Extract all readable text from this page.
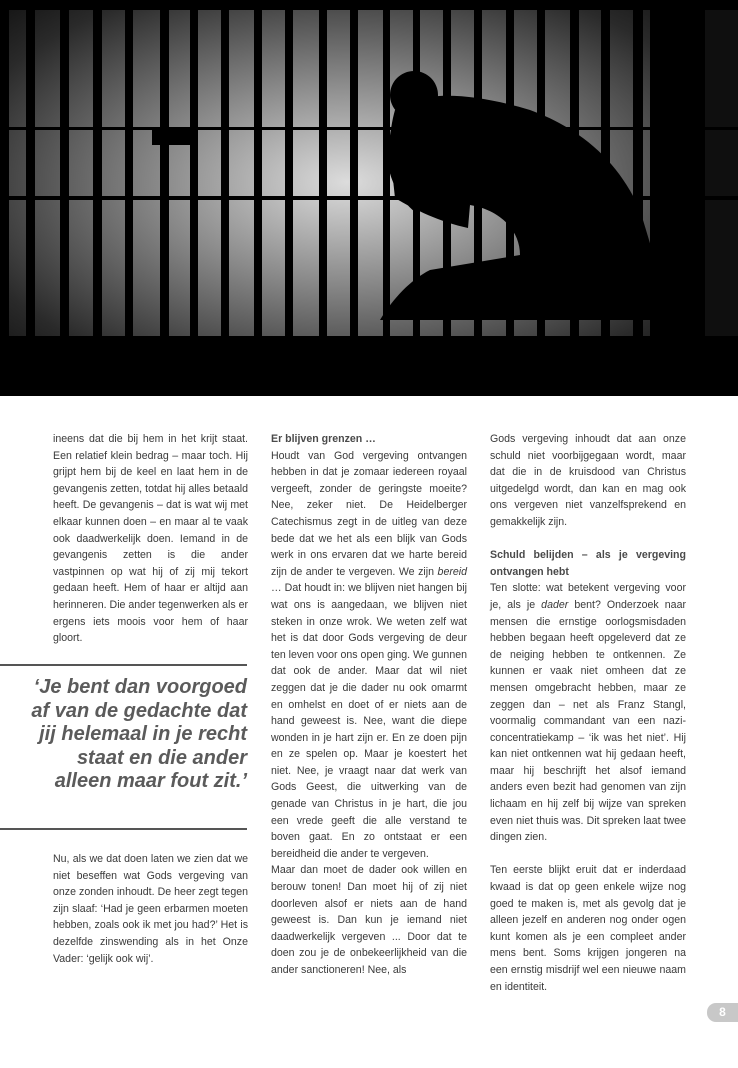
ineens dat die bij hem in het krijt staat. Een relatief klein bedrag – maar toch. Hij grijpt hem bij de keel en laat hem in de gevangenis zetten, totdat hij alles betaald heeft. De gevangenis – dat is wat wij met elkaar kunnen doen – en maar al te vaak ook daadwerkelijk doen. Iemand in de gevangenis zetten is die ander vastpinnen op wat hij of zij mij tekort gedaan heeft. Hem of haar er altijd aan herinneren. Die ander tegenwerken als er ergens iets moois voor hem of haar gloort.

‘Je bent dan voorgoed af van de gedachte dat jij helemaal in je recht staat en die ander alleen maar fout zit.’

Nu, als we dat doen laten we zien dat we niet beseffen wat Gods vergeving van onze zonden inhoudt. De heer zegt tegen zijn slaaf: ‘Had je geen erbarmen moeten hebben, zoals ook ik met jou had?’ Het is dezelfde zinswending als in het Onze Vader: ‘gelijk ook wij’.

Er blijven grenzen …

Houdt van God vergeving ontvangen hebben in dat je zomaar iedereen royaal vergeeft, zonder de geringste moeite? Nee, zeker niet. De Heidelberger Catechismus zegt in de uitleg van deze bede dat we het als een blijk van Gods werk in ons ervaren dat we harte bereid zijn de ander te vergeven. We zijn bereid … Dat houdt in: we blijven niet hangen bij wat ons is aangedaan, we blijven niet steken in onze wrok. We weten zelf wat het is dat door Gods vergeving de deur ten leven voor ons open ging. We gunnen dat ook de ander. Maar dat wil niet zeggen dat je die dader nu ook omarmt en omhelst en doet of er niets aan de hand geweest is. Nee, want die diepe wonden in je hart zijn er. En ze doen pijn en ze spelen op. Maar je koestert het niet. Nee, je vraagt naar dat werk van Gods Geest, die uitwerking van de genade van Christus in je hart, die jou een vrede geeft die alle verstand te boven gaat. En zo ontstaat er een bereidheid die ander te vergeven.

Maar dan moet de dader ook willen en berouw tonen! Dan moet hij of zij niet doorleven alsof er niets aan de hand geweest is. Dan kun je iemand niet daadwerkelijk vergeven ... Door dat te doen zou je de onbekeerlijkheid van die ander sanctioneren! Nee, als

Gods vergeving inhoudt dat aan onze schuld niet voorbijgegaan wordt, maar dat die in de kruisdood van Christus uitgedelgd wordt, dan kan en mag ook ons vergeven niet vanzelfsprekend en gemakkelijk zijn.

Schuld belijden – als je vergeving ontvangen hebt

Ten slotte: wat betekent vergeving voor je, als je dader bent? Onderzoek naar mensen die ernstige oorlogsmisdaden hebben begaan heeft opgeleverd dat ze de neiging hebben te ontkennen. Ze kunnen er vaak niet omheen dat ze mensen omgebracht hebben, maar ze zeggen dan – net als Franz Stangl, voormalig commandant van een nazi-concentratiekamp – ‘ik was het niet’. Hij kan niet ontkennen wat hij gedaan heeft, maar hij beschrijft het alsof iemand anders even bezit had genomen van zijn lichaam en hij zelf bij wijze van spreken even niet thuis was. Dit spreken laat twee dingen zien.

Ten eerste blijkt eruit dat er inderdaad kwaad is dat op geen enkele wijze nog goed te maken is, met als gevolg dat je alleen jezelf en anderen nog onder ogen kunt komen als je een compleet ander mens bent. Soms krijgen jongeren na een ernstig misdrijf wel een nieuwe naam en identiteit.

8
